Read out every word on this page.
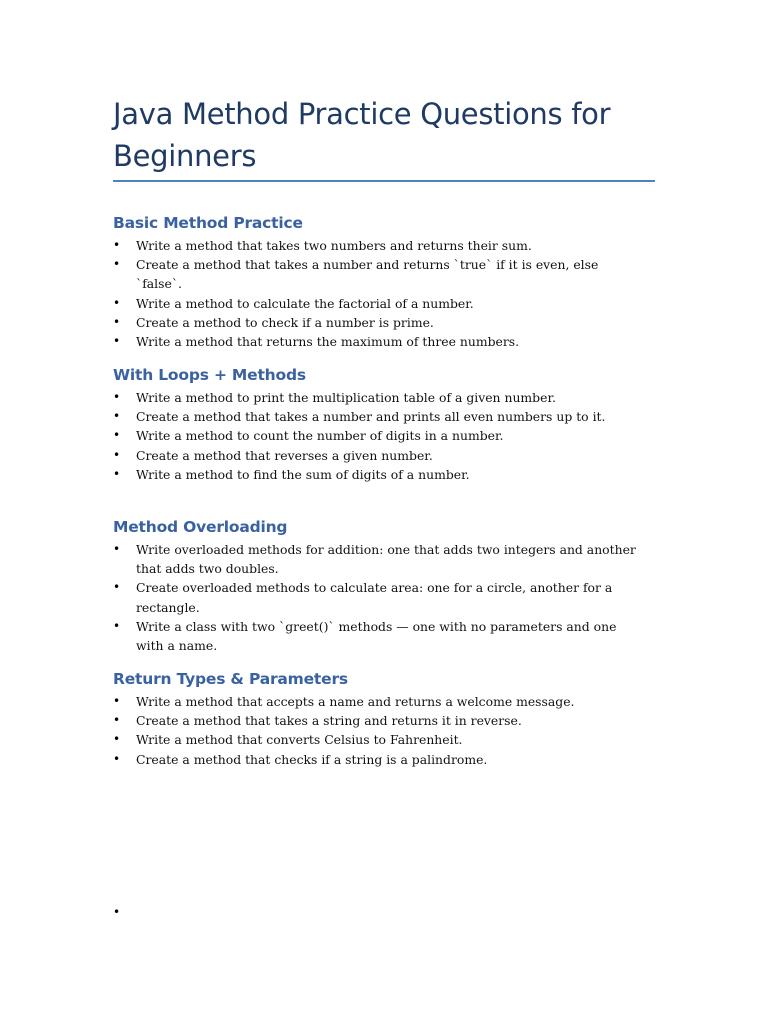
Java Method Practice Questions for Beginners
Basic Method Practice
• Write a method that takes two numbers and returns their sum.
• Create a method that takes a number and returns `true` if it is even, else `false`.
• Write a method to calculate the factorial of a number.
• Create a method to check if a number is prime.
• Write a method that returns the maximum of three numbers.
With Loops + Methods
• Write a method to print the multiplication table of a given number.
• Create a method that takes a number and prints all even numbers up to it.
• Write a method to count the number of digits in a number.
• Create a method that reverses a given number.
• Write a method to find the sum of digits of a number.
Method Overloading
• Write overloaded methods for addition: one that adds two integers and another that adds two doubles.
• Create overloaded methods to calculate area: one for a circle, another for a rectangle.
• Write a class with two `greet()` methods — one with no parameters and one with a name.
Return Types & Parameters
• Write a method that accepts a name and returns a welcome message.
• Create a method that takes a string and returns it in reverse.
• Write a method that converts Celsius to Fahrenheit.
• Create a method that checks if a string is a palindrome.
•
